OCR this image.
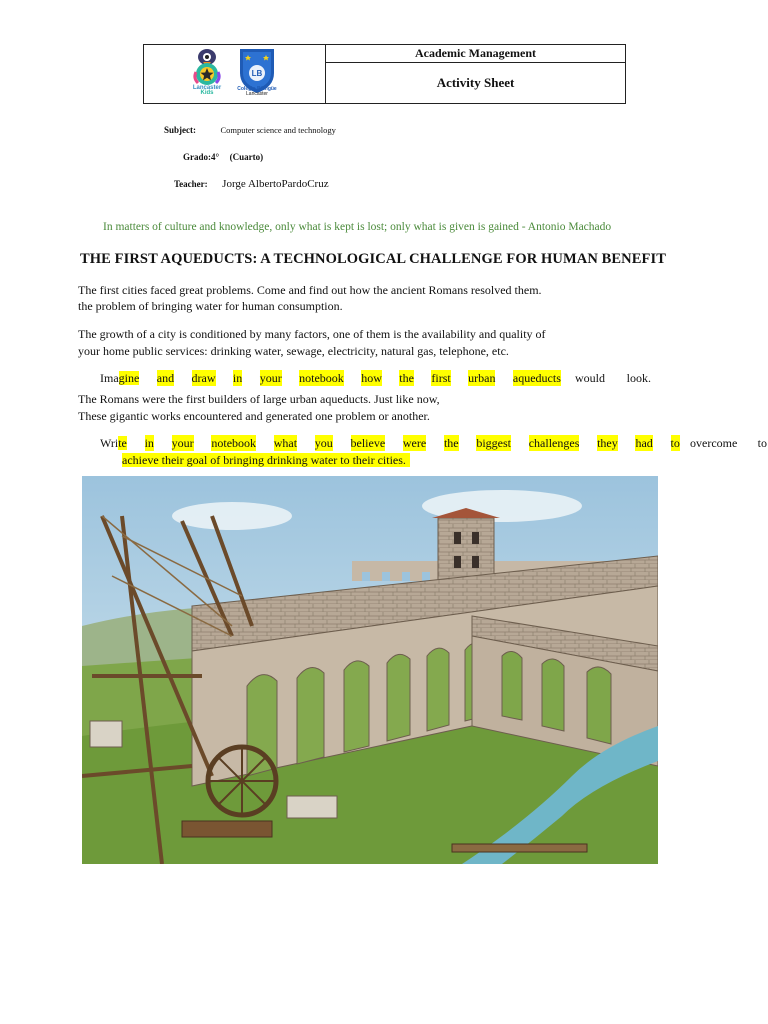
Lancaster
Kids
LB
Colegio Bilingüe
Lancaster
Academic Management
Activity Sheet
Subject:	Computer science and technology
Grado:4° (Cuarto)
Teacher: Jorge AlbertoPardoCruz
In matters of culture and knowledge, only what is kept is lost; only what is given is gained - Antonio Machado
THE FIRST AQUEDUCTS: A TECHNOLOGICAL CHALLENGE FOR HUMAN BENEFIT
The first cities faced great problems. Come and find out how the ancient Romans resolved them.
the problem of bringing water for human consumption.
The growth of a city is conditioned by many factors, one of them is the availability and quality of
your home public services: drinking water, sewage, electricity, natural gas, telephone, etc.
Imagine and draw in your notebook how the first urban aqueducts would look.
The Romans were the first builders of large urban aqueducts. Just like now,
These gigantic works encountered and generated one problem or another.
Write in your notebook what you believe were the biggest challenges they had to overcome to
achieve their goal of bringing drinking water to their cities.
